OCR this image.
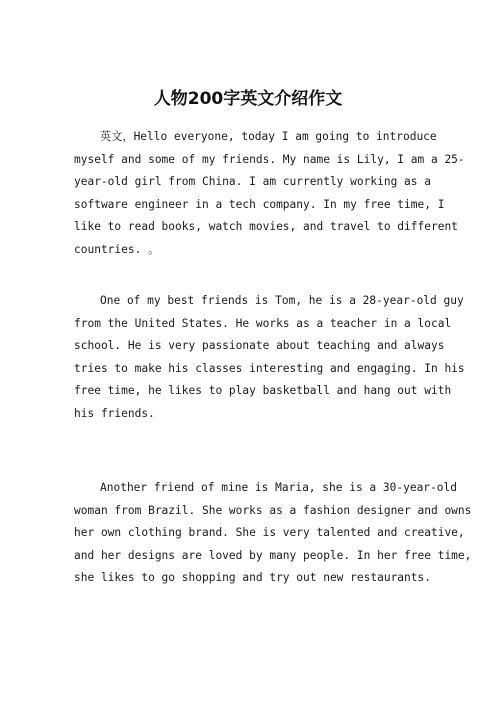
人物200字英文介绍作文

英文，Hello everyone, today I am going to introduce
myself and some of my friends. My name is Lily, I am a 25-
year-old girl from China. I am currently working as a
software engineer in a tech company. In my free time, I
like to read books, watch movies, and travel to different
countries. 。

One of my best friends is Tom, he is a 28-year-old guy
from the United States. He works as a teacher in a local
school. He is very passionate about teaching and always
tries to make his classes interesting and engaging. In his
free time, he likes to play basketball and hang out with
his friends.

Another friend of mine is Maria, she is a 30-year-old
woman from Brazil. She works as a fashion designer and owns
her own clothing brand. She is very talented and creative,
and her designs are loved by many people. In her free time,
she likes to go shopping and try out new restaurants.
